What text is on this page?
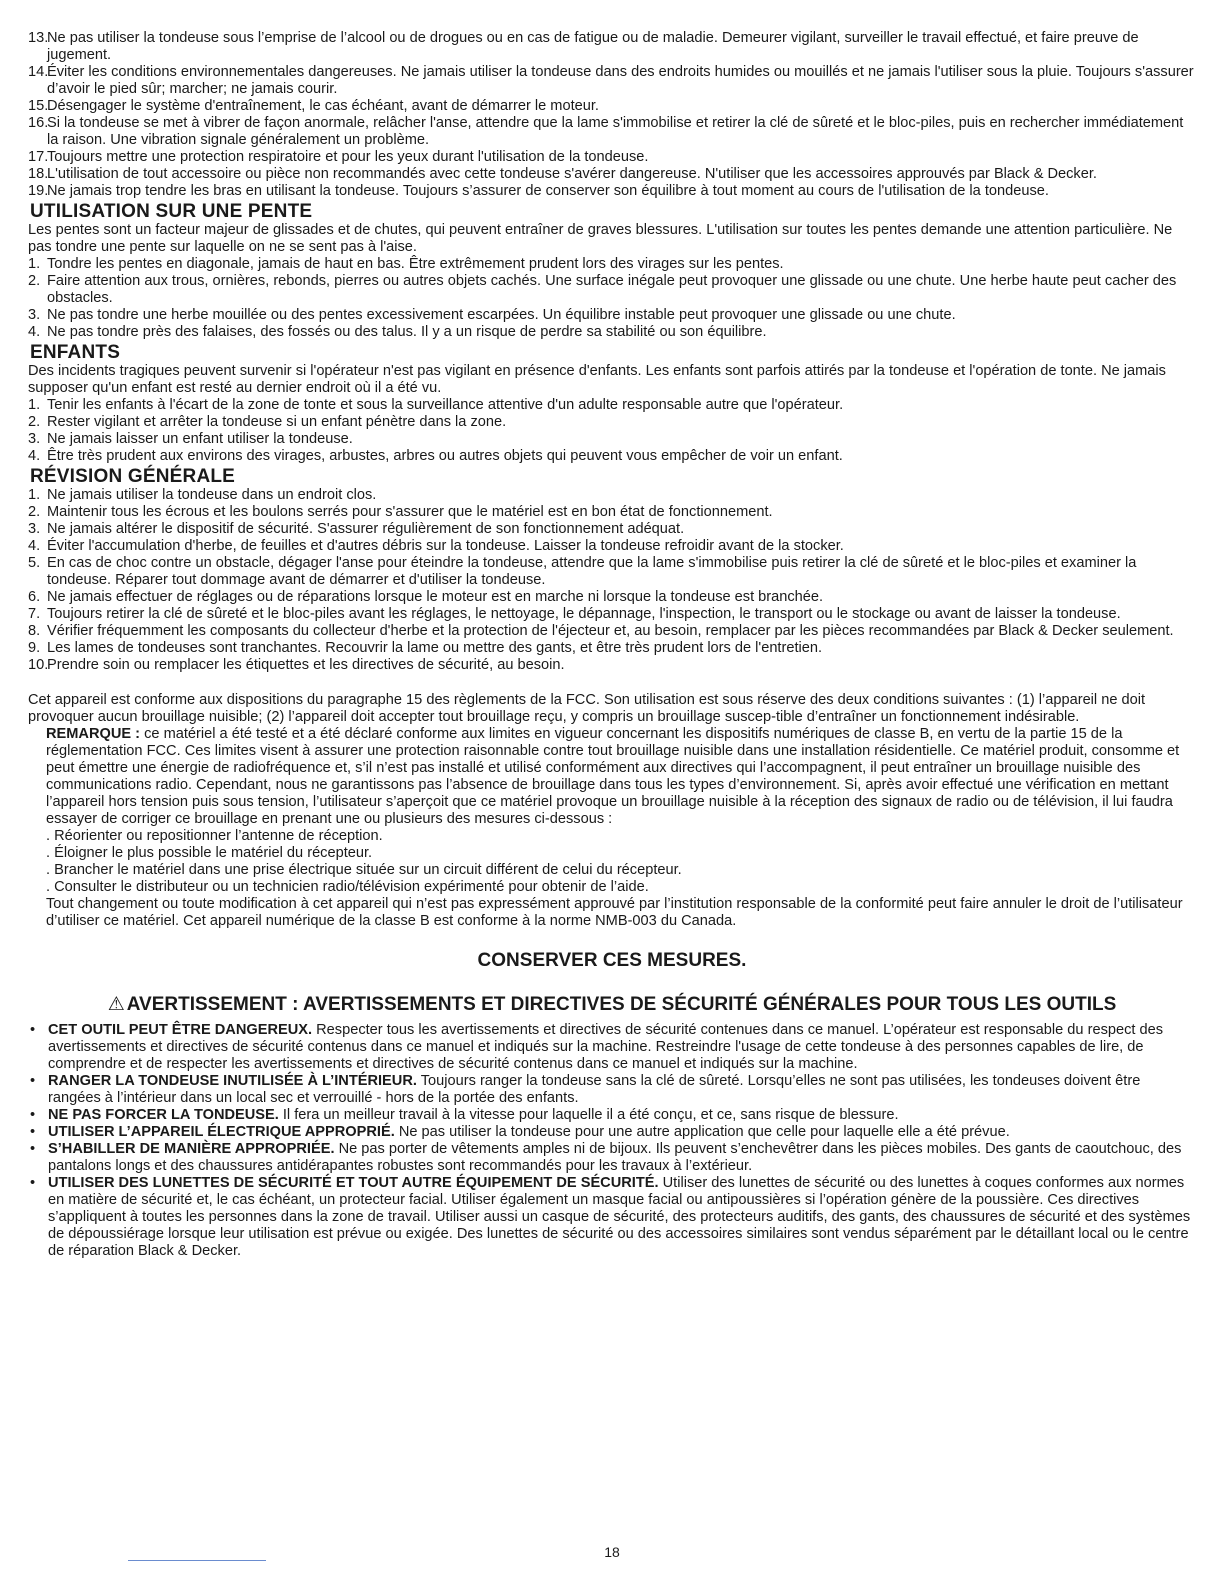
13.
Ne pas utiliser la tondeuse sous l’emprise de l’alcool ou de drogues ou en cas de fatigue ou de maladie. Demeurer vigilant, surveiller le travail effectué, et faire preuve de jugement.
14.
Éviter les conditions environnementales dangereuses. Ne jamais utiliser la tondeuse dans des endroits humides ou mouillés et ne jamais l'utiliser sous la pluie. Toujours s'assurer d’avoir le pied sûr; marcher; ne jamais courir.
15.
Désengager le système d'entraînement, le cas échéant, avant de démarrer le moteur.
16.
Si la tondeuse se met à vibrer de façon anormale, relâcher l'anse, attendre que la lame s'immobilise et retirer la clé de sûreté et le bloc-piles, puis en rechercher immédiatement la raison. Une vibration signale généralement un problème.
17.
Toujours mettre une protection respiratoire et pour les yeux durant l'utilisation de la tondeuse.
18.
L'utilisation de tout accessoire ou pièce non recommandés avec cette tondeuse s'avérer dangereuse. N'utiliser que les accessoires approuvés par Black & Decker.
19.
Ne jamais trop tendre les bras en utilisant la tondeuse. Toujours s’assurer de conserver son équilibre à tout moment au cours de l'utilisation de la tondeuse.
UTILISATION SUR UNE PENTE

Les pentes sont un facteur majeur de glissades et de chutes, qui peuvent entraîner de graves blessures. L'utilisation sur toutes les pentes demande une attention particulière. Ne pas tondre une pente sur laquelle on ne se sent pas à l'aise.

1. Tondre les pentes en diagonale, jamais de haut en bas. Être extrêmement prudent lors des virages sur les pentes.
2. Faire attention aux trous, ornières, rebonds, pierres ou autres objets cachés. Une surface inégale peut provoquer une glissade ou une chute. Une herbe haute peut cacher des obstacles.
3. Ne pas tondre une herbe mouillée ou des pentes excessivement escarpées. Un équilibre instable peut provoquer une glissade ou une chute.
4. Ne pas tondre près des falaises, des fossés ou des talus. Il y a un risque de perdre sa stabilité ou son équilibre.
ENFANTS

Des incidents tragiques peuvent survenir si l'opérateur n'est pas vigilant en présence d'enfants. Les enfants sont parfois attirés par la tondeuse et l'opération de tonte. Ne jamais supposer qu'un enfant est resté au dernier endroit où il a été vu.

1. Tenir les enfants à l'écart de la zone de tonte et sous la surveillance attentive d'un adulte responsable autre que l'opérateur.
2. Rester vigilant et arrêter la tondeuse si un enfant pénètre dans la zone.
3. Ne jamais laisser un enfant utiliser la tondeuse.
4. Être très prudent aux environs des virages, arbustes, arbres ou autres objets qui peuvent vous empêcher de voir un enfant.
RÉVISION GÉNÉRALE
1. Ne jamais utiliser la tondeuse dans un endroit clos.
2. Maintenir tous les écrous et les boulons serrés pour s'assurer que le matériel est en bon état de fonctionnement.
3. Ne jamais altérer le dispositif de sécurité. S'assurer régulièrement de son fonctionnement adéquat.
4. Éviter l'accumulation d'herbe, de feuilles et d'autres débris sur la tondeuse. Laisser la tondeuse refroidir avant de la stocker.
5. En cas de choc contre un obstacle, dégager l'anse pour éteindre la tondeuse, attendre que la lame s'immobilise puis retirer la clé de sûreté et le bloc-piles et examiner la tondeuse. Réparer tout dommage avant de démarrer et d'utiliser la tondeuse.
6. Ne jamais effectuer de réglages ou de réparations lorsque le moteur est en marche ni lorsque la tondeuse est branchée.
7. Toujours retirer la clé de sûreté et le bloc-piles avant les réglages, le nettoyage, le dépannage, l'inspection, le transport ou le stockage ou avant de laisser la tondeuse.
8. Vérifier fréquemment les composants du collecteur d'herbe et la protection de l'éjecteur et, au besoin, remplacer par les pièces recommandées par Black & Decker seulement.
9. Les lames de tondeuses sont tranchantes. Recouvrir la lame ou mettre des gants, et être très prudent lors de l'entretien.
10.
Prendre soin ou remplacer les étiquettes et les directives de sécurité, au besoin.

Cet appareil est conforme aux dispositions du paragraphe 15 des règlements de la FCC. Son utilisation est sous réserve des deux conditions suivantes : (1) l’appareil ne doit provoquer aucun brouillage nuisible; (2) l’appareil doit accepter tout brouillage reçu, y compris un brouillage suscep-tible d’entraîner un fonctionnement indésirable.

REMARQUE : ce matériel a été testé et a été déclaré conforme aux limites en vigueur concernant les dispositifs numériques de classe B, en vertu de la partie 15 de la réglementation FCC. Ces limites visent à assurer une protection raisonnable contre tout brouillage nuisible dans une installation résidentielle. Ce matériel produit, consomme et peut émettre une énergie de radiofréquence et, s’il n’est pas installé et utilisé conformément aux directives qui l’accompagnent, il peut entraîner un brouillage nuisible des communications radio. Cependant, nous ne garantissons pas l’absence de brouillage dans tous les types d’environnement. Si, après avoir effectué une vérification en mettant l’appareil hors tension puis sous tension, l’utilisateur s’aperçoit que ce matériel provoque un brouillage nuisible à la réception des signaux de radio ou de télévision, il lui faudra essayer de corriger ce brouillage en prenant une ou plusieurs des mesures ci-dessous :

. Réorienter ou repositionner l’antenne de réception.
. Éloigner le plus possible le matériel du récepteur.
. Brancher le matériel dans une prise électrique située sur un circuit différent de celui du récepteur.
. Consulter le distributeur ou un technicien radio/télévision expérimenté pour obtenir de l’aide.

Tout changement ou toute modification à cet appareil qui n’est pas expressément approuvé par l’institution responsable de la conformité peut faire annuler le droit de l’utilisateur d’utiliser ce matériel. Cet appareil numérique de la classe B est conforme à la norme NMB-003 du Canada.

CONSERVER CES MESURES.
⚠ AVERTISSEMENT : AVERTISSEMENTS ET DIRECTIVES DE SÉCURITÉ GÉNÉRALES POUR TOUS LES OUTILS
• CET OUTIL PEUT ÊTRE DANGEREUX. Respecter tous les avertissements et directives de sécurité contenues dans ce manuel. L’opérateur est responsable du respect des avertissements et directives de sécurité contenus dans ce manuel et indiqués sur la machine. Restreindre l'usage de cette tondeuse à des personnes capables de lire, de comprendre et de respecter les avertissements et directives de sécurité contenus dans ce manuel et indiqués sur la machine.
• RANGER LA TONDEUSE INUTILISÉE À L’INTÉRIEUR. Toujours ranger la tondeuse sans la clé de sûreté. Lorsqu’elles ne sont pas utilisées, les tondeuses doivent être rangées à l’intérieur dans un local sec et verrouillé - hors de la portée des enfants.
• NE PAS FORCER LA TONDEUSE. Il fera un meilleur travail à la vitesse pour laquelle il a été conçu, et ce, sans risque de blessure.
• UTILISER L’APPAREIL ÉLECTRIQUE APPROPRIÉ. Ne pas utiliser la tondeuse pour une autre application que celle pour laquelle elle a été prévue.
• S’HABILLER DE MANIÈRE APPROPRIÉE. Ne pas porter de vêtements amples ni de bijoux. Ils peuvent s’enchevêtrer dans les pièces mobiles. Des gants de caoutchouc, des pantalons longs et des chaussures antidérapantes robustes sont recommandés pour les travaux à l’extérieur.
• UTILISER DES LUNETTES DE SÉCURITÉ ET TOUT AUTRE ÉQUIPEMENT DE SÉCURITÉ. Utiliser des lunettes de sécurité ou des lunettes à coques conformes aux normes en matière de sécurité et, le cas échéant, un protecteur facial. Utiliser également un masque facial ou antipoussières si l’opération génère de la poussière. Ces directives s’appliquent à toutes les personnes dans la zone de travail. Utiliser aussi un casque de sécurité, des protecteurs auditifs, des gants, des chaussures de sécurité et des systèmes de dépoussiérage lorsque leur utilisation est prévue ou exigée. Des lunettes de sécurité ou des accessoires similaires sont vendus séparément par le détaillant local ou le centre de réparation Black & Decker.
18
